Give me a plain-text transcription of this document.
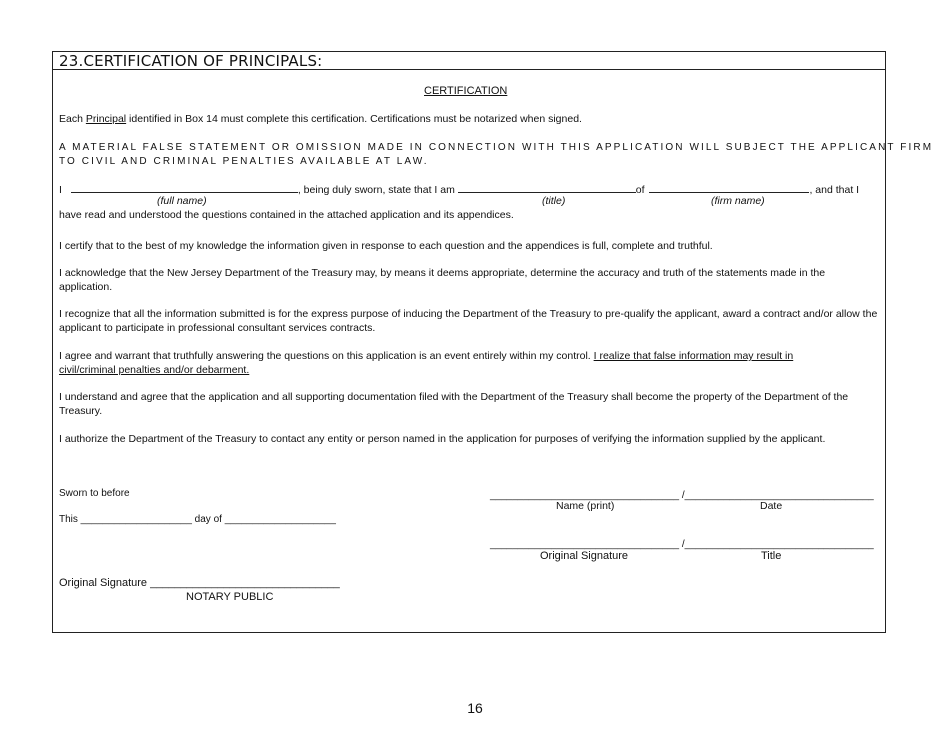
23.CERTIFICATION OF PRINCIPALS:
CERTIFICATION
Each Principal identified in Box 14 must complete this certification. Certifications must be notarized when signed.
A MATERIAL FALSE STATEMENT OR OMISSION MADE IN CONNECTION WITH THIS APPLICATION WILL SUBJECT THE APPLICANT FIRM
TO CIVIL AND CRIMINAL PENALTIES AVAILABLE AT LAW.
I	, being duly sworn, state that I am	of	, and that I
(full name)	(title)	(firm name)
have read and understood the questions contained in the attached application and its appendices.
I certify that to the best of my knowledge the information given in response to each question and the appendices is full, complete and truthful.
I acknowledge that the New Jersey Department of the Treasury may, by means it deems appropriate, determine the accuracy and truth of the statements made in the application.
I recognize that all the information submitted is for the express purpose of inducing the Department of the Treasury to pre-qualify the applicant, award a contract and/or allow the applicant to participate in professional consultant services contracts.
I agree and warrant that truthfully answering the questions on this application is an event entirely within my control. I realize that false information may result in civil/criminal penalties and/or debarment.
I understand and agree that the application and all supporting documentation filed with the Department of the Treasury shall become the property of the Department of the Treasury.
I authorize the Department of the Treasury to contact any entity or person named in the application for purposes of verifying the information supplied by the applicant.
Sworn to before
This ____________________ day of ____________________
Original Signature _______________________________
NOTARY PUBLIC
__________________________________ /__________________________________
Name (print)	Date
__________________________________ /__________________________________
Original Signature	Title
16
